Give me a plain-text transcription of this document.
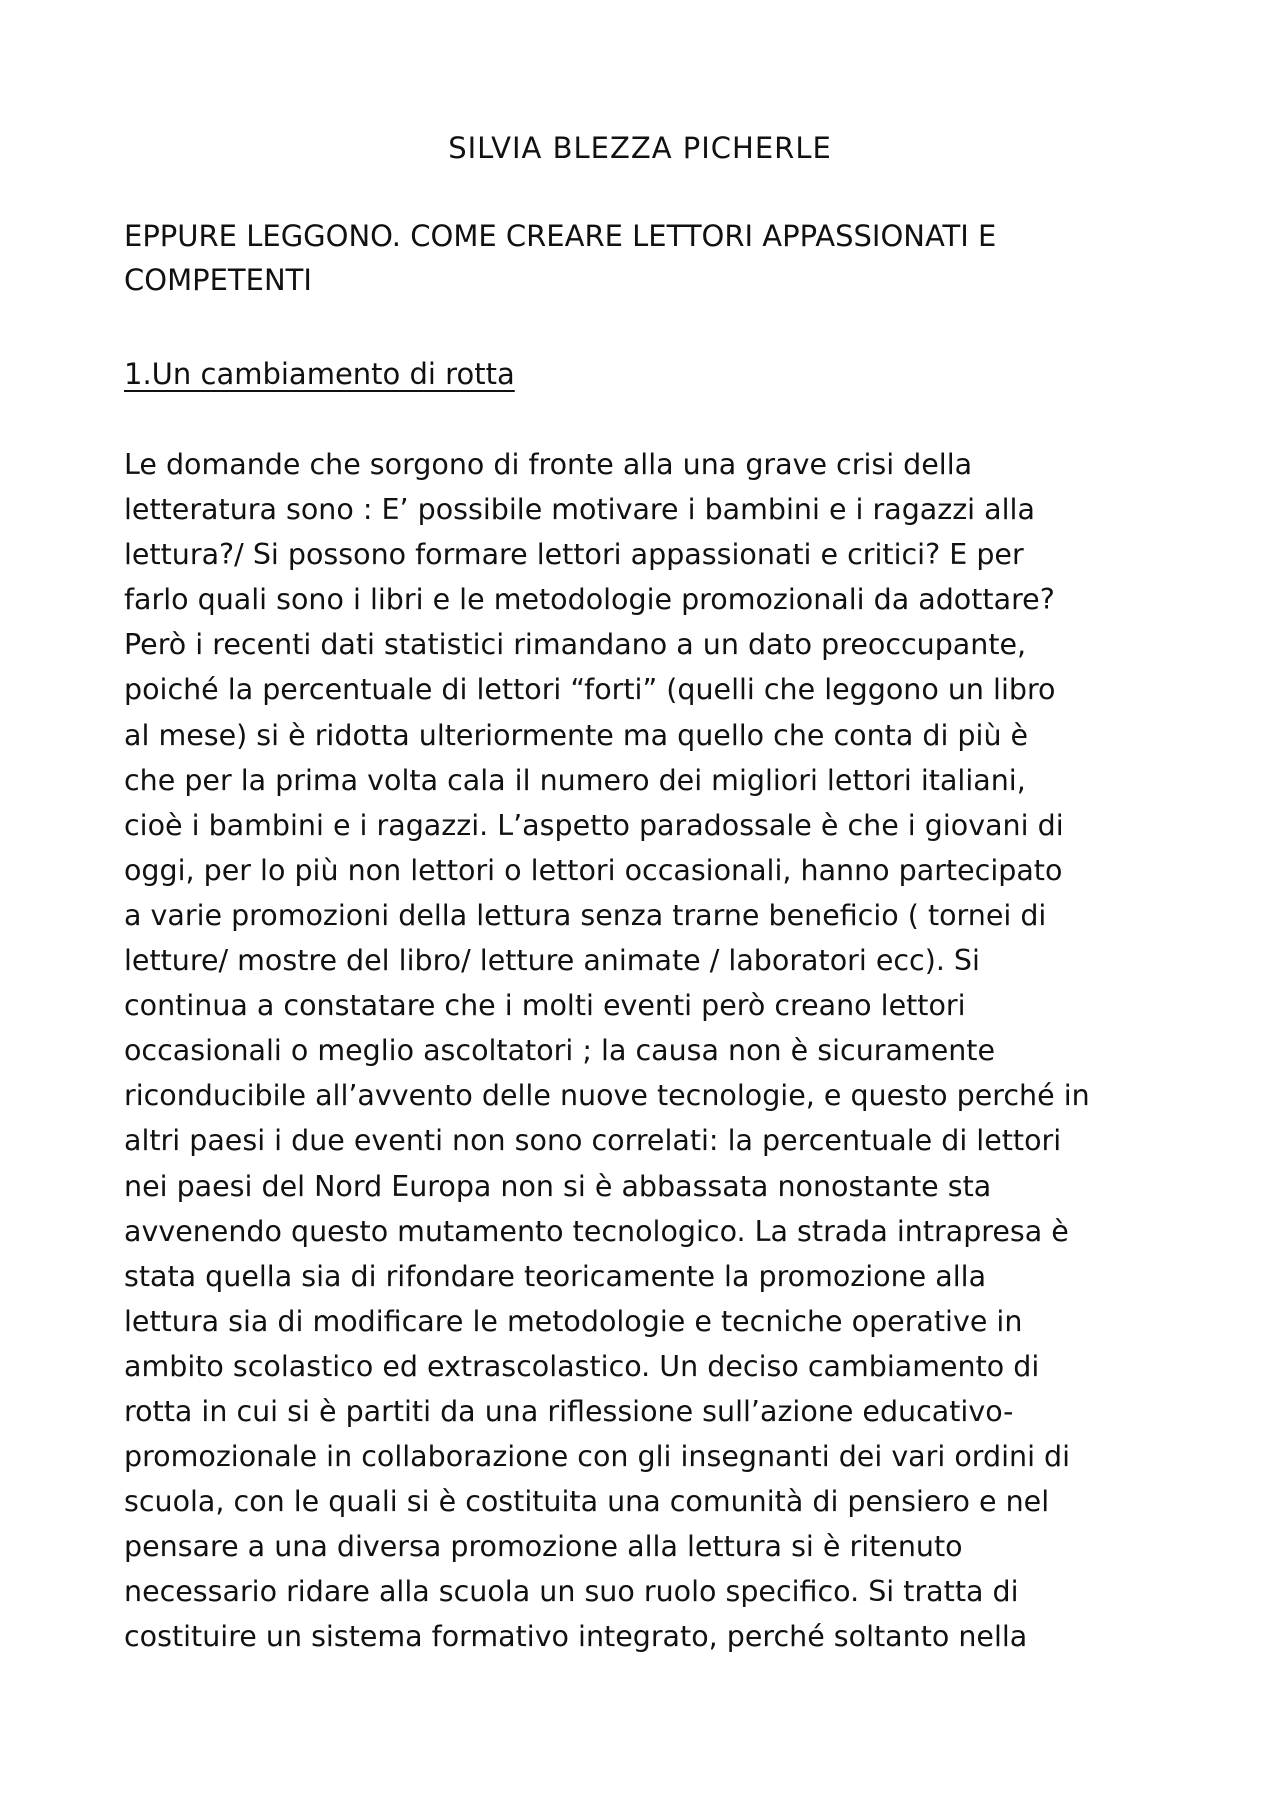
SILVIA BLEZZA PICHERLE
EPPURE LEGGONO. COME CREARE LETTORI APPASSIONATI E
COMPETENTI
1.Un cambiamento di rotta
Le domande che sorgono di fronte alla una grave crisi della
letteratura sono : E’ possibile motivare i bambini e i ragazzi alla
lettura?/ Si possono formare lettori appassionati e critici? E per
farlo quali sono i libri e le metodologie promozionali da adottare?
Però i recenti dati statistici rimandano a un dato preoccupante,
poiché la percentuale di lettori “forti” (quelli che leggono un libro
al mese) si è ridotta ulteriormente ma quello che conta di più è
che per la prima volta cala il numero dei migliori lettori italiani,
cioè i bambini e i ragazzi. L’aspetto paradossale è che i giovani di
oggi, per lo più non lettori o lettori occasionali, hanno partecipato
a varie promozioni della lettura senza trarne beneficio ( tornei di
letture/ mostre del libro/ letture animate / laboratori ecc). Si
continua a constatare che i molti eventi però creano lettori
occasionali o meglio ascoltatori ; la causa non è sicuramente
riconducibile all’avvento delle nuove tecnologie, e questo perché in
altri paesi i due eventi non sono correlati: la percentuale di lettori
nei paesi del Nord Europa non si è abbassata nonostante sta
avvenendo questo mutamento tecnologico. La strada intrapresa è
stata quella sia di rifondare teoricamente la promozione alla
lettura sia di modificare le metodologie e tecniche operative in
ambito scolastico ed extrascolastico. Un deciso cambiamento di
rotta in cui si è partiti da una riflessione sull’azione educativo-
promozionale in collaborazione con gli insegnanti dei vari ordini di
scuola, con le quali si è costituita una comunità di pensiero e nel
pensare a una diversa promozione alla lettura si è ritenuto
necessario ridare alla scuola un suo ruolo specifico. Si tratta di
costituire un sistema formativo integrato, perché soltanto nella
